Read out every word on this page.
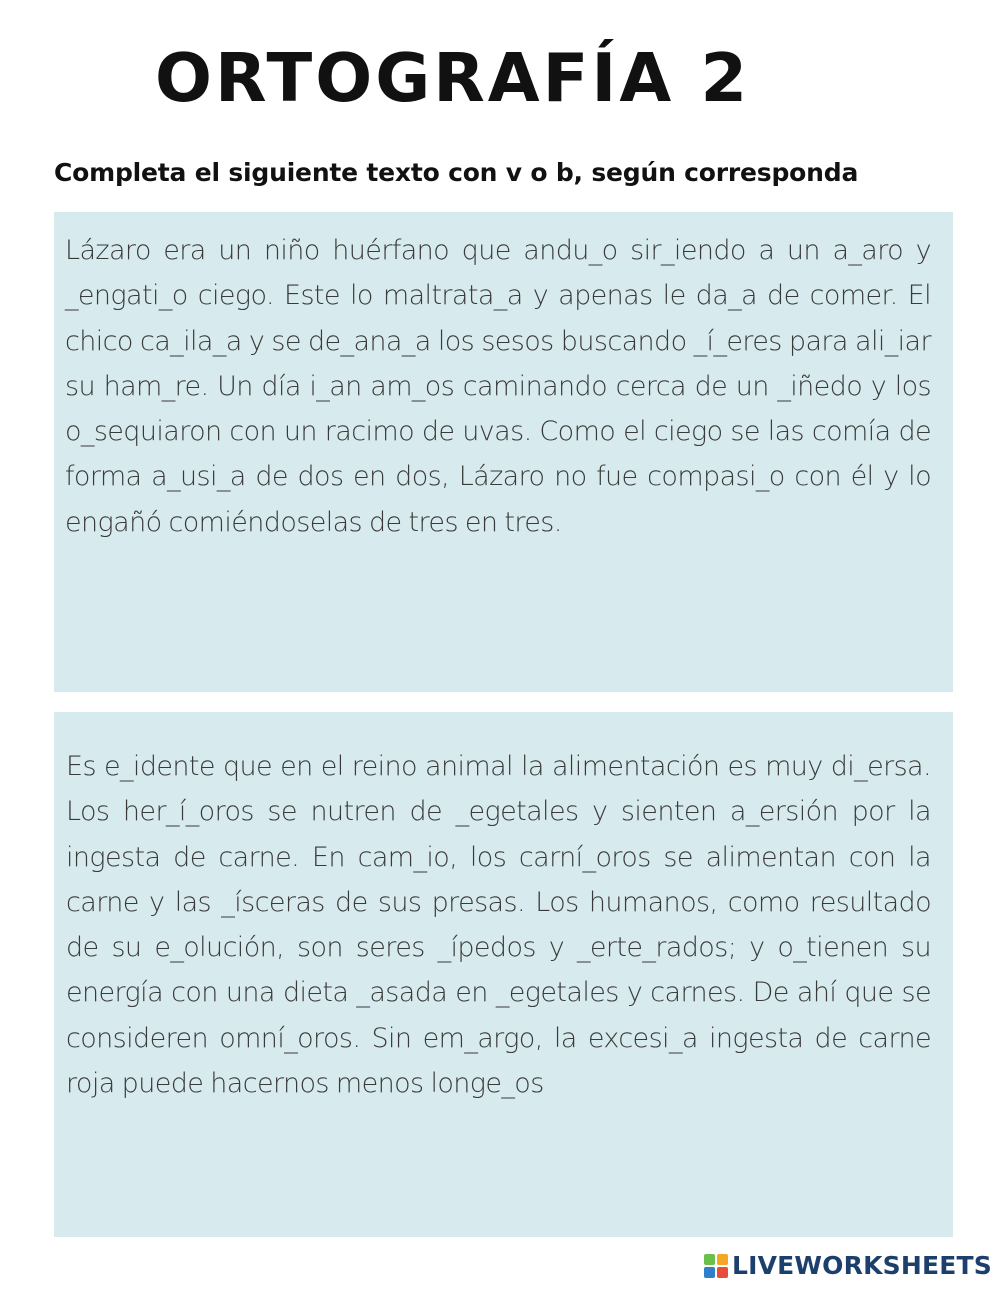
ORTOGRAFÍA 2

Completa el siguiente texto con v o b, según corresponda

Lázaro era un niño huérfano que andu_o sir_iendo a un a_aro y _engati_o ciego. Este lo maltrata_a y apenas le da_a de comer. El chico ca_ila_a y se de_ana_a los sesos buscando _í_eres para ali_iar su ham_re. Un día i_an am_os caminando cerca de un _iñedo y los o_sequiaron con un racimo de uvas. Como el ciego se las comía de forma a_usi_a de dos en dos, Lázaro no fue compasi_o con él y lo engañó comiéndoselas de tres en tres.

Es e_idente que en el reino animal la alimentación es muy di_ersa. Los her_í_oros se nutren de _egetales y sienten a_ersión por la ingesta de carne. En cam_io, los carní_oros se alimentan con la carne y las _ísceras de sus presas. Los humanos, como resultado de su e_olución, son seres _ípedos y _erte_rados; y o_tienen su energía con una dieta _asada en _egetales y carnes. De ahí que se consideren omní_oros. Sin em_argo, la excesi_a ingesta de carne roja puede hacernos menos longe_os

LIVEWORKSHEETS
